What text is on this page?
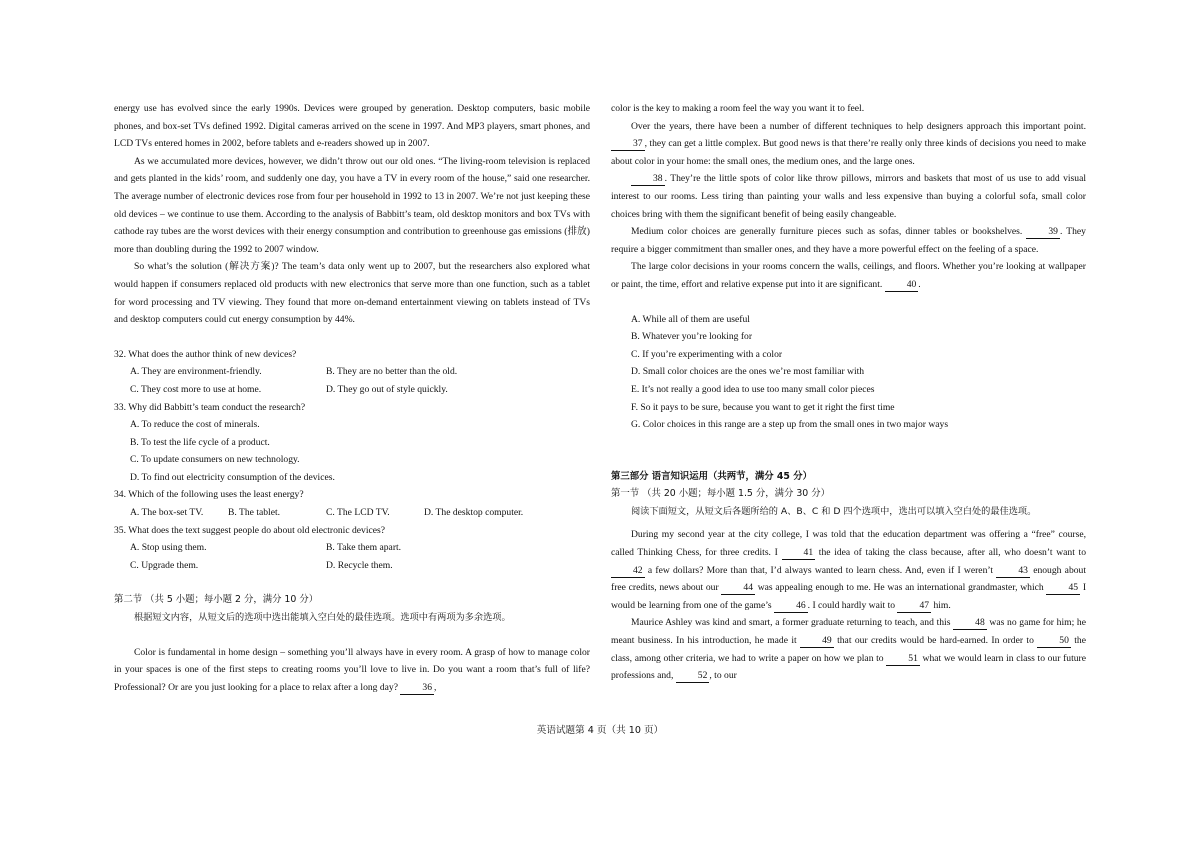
energy use has evolved since the early 1990s. Devices were grouped by generation. Desktop computers, basic mobile phones, and box-set TVs defined 1992. Digital cameras arrived on the scene in 1997. And MP3 players, smart phones, and LCD TVs entered homes in 2002, before tablets and e-readers showed up in 2007.

As we accumulated more devices, however, we didn’t throw out our old ones. “The living-room television is replaced and gets planted in the kids’ room, and suddenly one day, you have a TV in every room of the house,” said one researcher. The average number of electronic devices rose from four per household in 1992 to 13 in 2007. We’re not just keeping these old devices – we continue to use them. According to the analysis of Babbitt’s team, old desktop monitors and box TVs with cathode ray tubes are the worst devices with their energy consumption and contribution to greenhouse gas emissions (排放) more than doubling during the 1992 to 2007 window.

So what’s the solution (解决方案)? The team’s data only went up to 2007, but the researchers also explored what would happen if consumers replaced old products with new electronics that serve more than one function, such as a tablet for word processing and TV viewing. They found that more on-demand entertainment viewing on tablets instead of TVs and desktop computers could cut energy consumption by 44%.

32. What does the author think of new devices?

A. They are environment-friendly.	B. They are no better than the old.
C. They cost more to use at home.	D. They go out of style quickly.

33. Why did Babbitt’s team conduct the research?

A. To reduce the cost of minerals.
B. To test the life cycle of a product.
C. To update consumers on new technology.
D. To find out electricity consumption of the devices.

34. Which of the following uses the least energy?

A. The box-set TV.	B. The tablet.	C. The LCD TV.	D. The desktop computer.

35. What does the text suggest people do about old electronic devices?

A. Stop using them.	B. Take them apart.
C. Upgrade them.	D. Recycle them.

第二节 （共 5 小题；每小题 2 分，满分 10 分）

根据短文内容，从短文后的选项中选出能填入空白处的最佳选项。选项中有两项为多余选项。

Color is fundamental in home design – something you’ll always have in every room. A grasp of how to manage color in your spaces is one of the first steps to creating rooms you’ll love to live in. Do you want a room that’s full of life? Professional? Or are you just looking for a place to relax after a long day?	36 ,

color is the key to making a room feel the way you want it to feel.

Over the years, there have been a number of different techniques to help designers approach this important point. 37 , they can get a little complex. But good news is that there’re really only three kinds of decisions you need to make about color in your home: the small ones, the medium ones, and the large ones.

38 . They’re the little spots of color like throw pillows, mirrors and baskets that most of us use to add visual interest to our rooms. Less tiring than painting your walls and less expensive than buying a colorful sofa, small color choices bring with them the significant benefit of being easily changeable.

Medium color choices are generally furniture pieces such as sofas, dinner tables or bookshelves.	39 . They require a bigger commitment than smaller ones, and they have a more powerful effect on the feeling of a space.

The large color decisions in your rooms concern the walls, ceilings, and floors. Whether you’re looking at wallpaper or paint, the time, effort and relative expense put into it are significant.	40 .

A. While all of them are useful
B. Whatever you’re looking for
C. If you’re experimenting with a color
D. Small color choices are the ones we’re most familiar with
E. It’s not really a good idea to use too many small color pieces
F. So it pays to be sure, because you want to get it right the first time
G. Color choices in this range are a step up from the small ones in two major ways

第三部分 语言知识运用（共两节，满分 45 分）

第一节 （共 20 小题；每小题 1.5 分，满分 30 分）

阅读下面短文，从短文后各题所给的 A、B、C 和 D 四个选项中，选出可以填入空白处的最佳选项。

During my second year at the city college, I was told that the education department was offering a “free” course, called Thinking Chess, for three credits. I	41 the idea of taking the class because, after all, who doesn’t want to 42 a few dollars? More than that, I’d always wanted to learn chess. And, even if I weren’t	43 enough about free credits, news about our	44 was appealing enough to me. He was an international grandmaster, which	45 I would be learning from one of the game’s	46 . I could hardly wait to	47 him.

Maurice Ashley was kind and smart, a former graduate returning to teach, and this	48 was no game for him; he meant business. In his introduction, he made it	49 that our credits would be hard-earned. In order to	50 the class, among other criteria, we had to write a paper on how we plan to	51 what we would learn in class to our future professions and,	52 , to our

英语试题第 4 页（共 10 页）
